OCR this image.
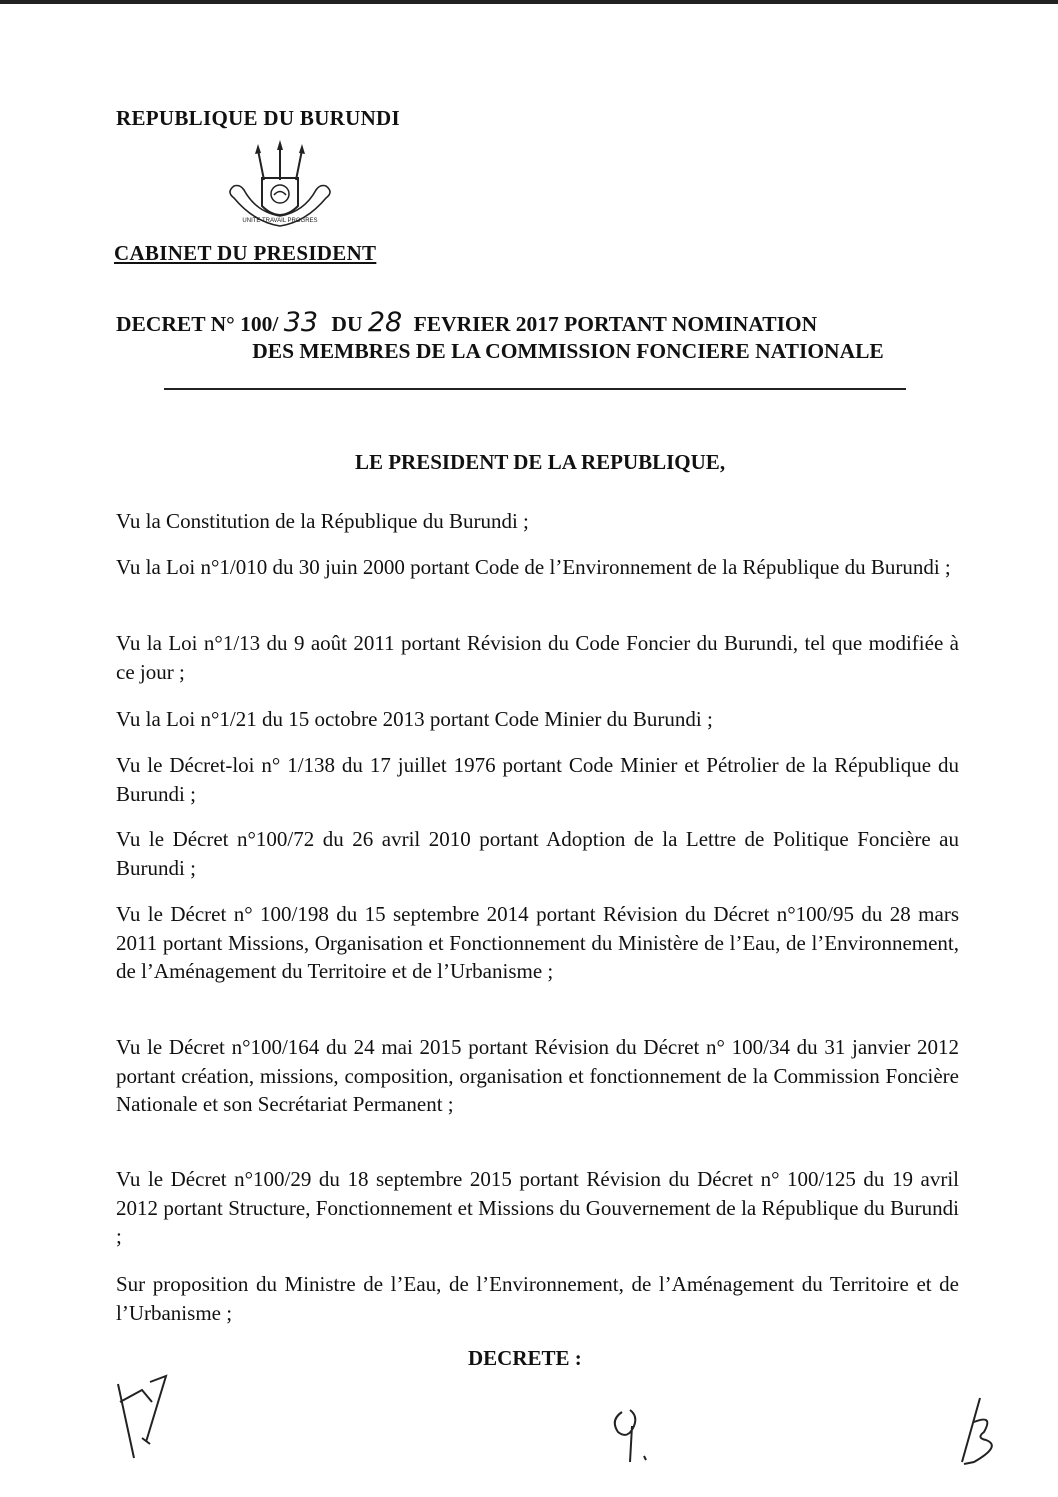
REPUBLIQUE DU BURUNDI
UNITE TRAVAIL PROGRES
CABINET DU PRESIDENT
DECRET N° 100/ 33 DU 28 FEVRIER 2017 PORTANT NOMINATION
DES MEMBRES DE LA COMMISSION FONCIERE NATIONALE
LE PRESIDENT DE LA REPUBLIQUE,
Vu la Constitution de la République du Burundi ;
Vu la Loi n°1/010 du 30 juin 2000 portant Code de l’Environnement de la République du Burundi ;
Vu la Loi n°1/13 du 9 août 2011 portant Révision du Code Foncier du Burundi, tel que modifiée à ce jour ;
Vu la Loi n°1/21 du 15 octobre 2013 portant Code Minier du Burundi ;
Vu le Décret-loi n° 1/138 du 17 juillet 1976 portant Code Minier et Pétrolier de la République du Burundi ;
Vu le Décret n°100/72 du 26 avril 2010 portant Adoption de la Lettre de Politique Foncière au Burundi ;
Vu le Décret n° 100/198 du 15 septembre 2014 portant Révision du Décret n°100/95 du 28 mars 2011 portant Missions, Organisation et Fonctionnement du Ministère de l’Eau, de l’Environnement, de l’Aménagement du Territoire et de l’Urbanisme ;
Vu le Décret n°100/164 du 24 mai 2015 portant Révision du Décret n° 100/34 du 31 janvier 2012 portant création, missions, composition, organisation et fonctionnement de la Commission Foncière Nationale et son Secrétariat Permanent ;
Vu le Décret n°100/29 du 18 septembre 2015 portant Révision du Décret n° 100/125 du 19 avril 2012 portant Structure, Fonctionnement et Missions du Gouvernement de la République du Burundi ;
Sur proposition du Ministre de l’Eau, de l’Environnement, de l’Aménagement du Territoire et de l’Urbanisme ;
DECRETE :
